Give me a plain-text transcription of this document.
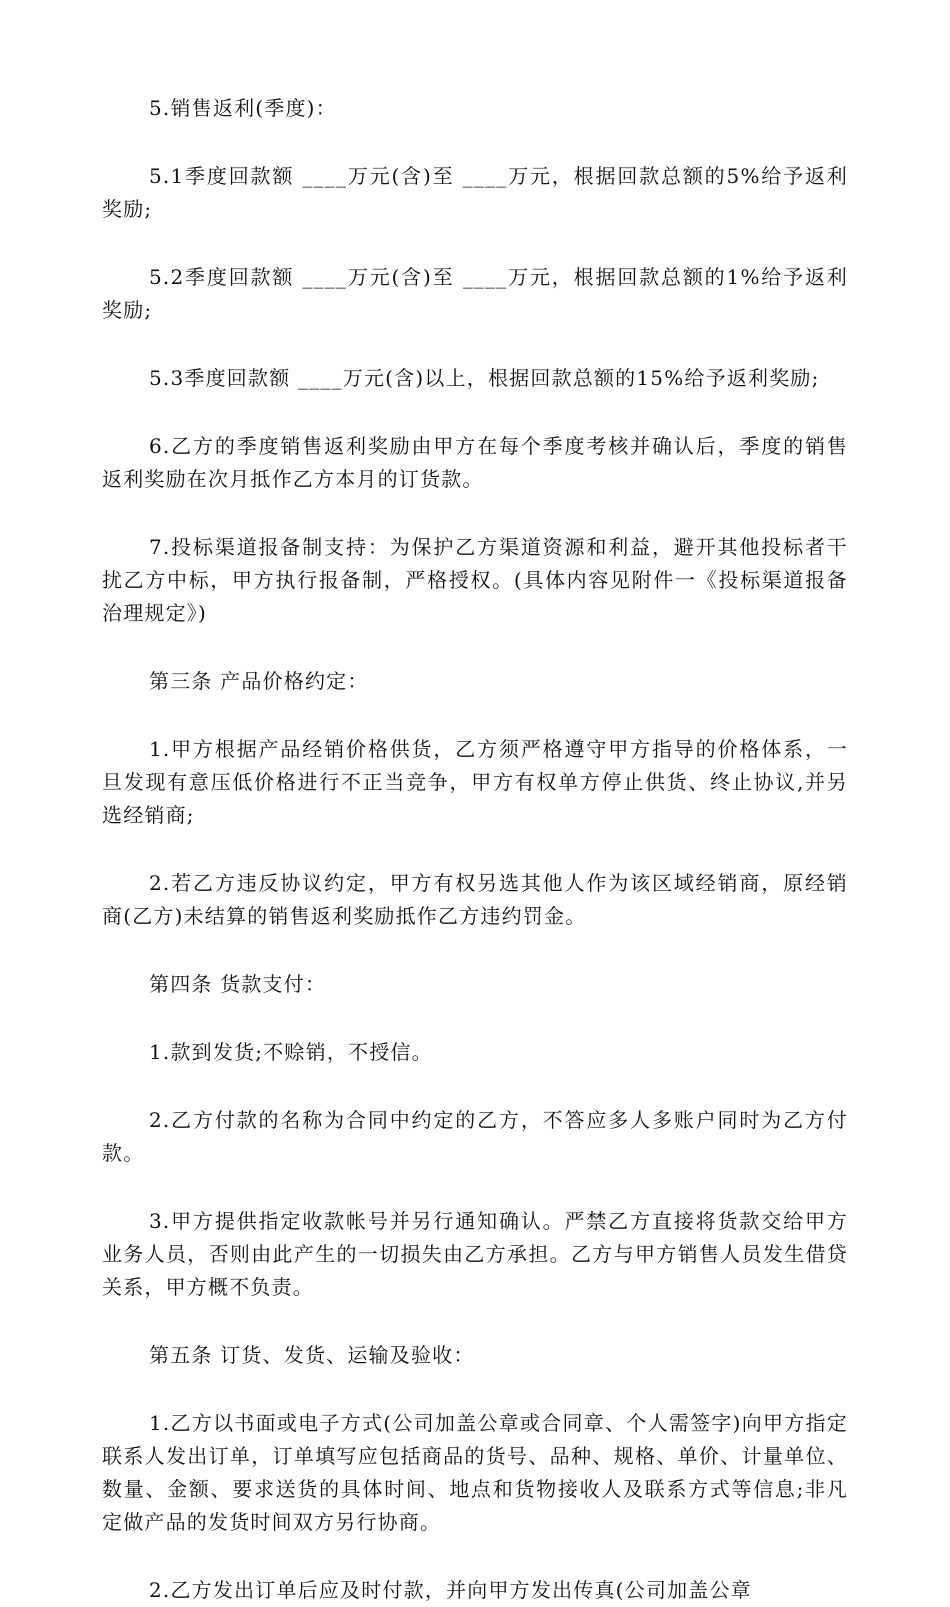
5.销售返利(季度)：

5.1季度回款额 ____万元(含)至 ____万元，根据回款总额的5%给予返利奖励;

5.2季度回款额 ____万元(含)至 ____万元，根据回款总额的1%给予返利奖励;

5.3季度回款额 ____万元(含)以上，根据回款总额的15%给予返利奖励;

6.乙方的季度销售返利奖励由甲方在每个季度考核并确认后，季度的销售返利奖励在次月抵作乙方本月的订货款。

7.投标渠道报备制支持：为保护乙方渠道资源和利益，避开其他投标者干扰乙方中标，甲方执行报备制，严格授权。(具体内容见附件一《投标渠道报备治理规定》)

第三条 产品价格约定：

1.甲方根据产品经销价格供货，乙方须严格遵守甲方指导的价格体系，一旦发现有意压低价格进行不正当竞争，甲方有权单方停止供货、终止协议,并另选经销商;

2.若乙方违反协议约定，甲方有权另选其他人作为该区域经销商，原经销商(乙方)未结算的销售返利奖励抵作乙方违约罚金。

第四条 货款支付：

1.款到发货;不赊销，不授信。

2.乙方付款的名称为合同中约定的乙方，不答应多人多账户同时为乙方付款。

3.甲方提供指定收款帐号并另行通知确认。严禁乙方直接将货款交给甲方业务人员，否则由此产生的一切损失由乙方承担。乙方与甲方销售人员发生借贷关系，甲方概不负责。

第五条 订货、发货、运输及验收：

1.乙方以书面或电子方式(公司加盖公章或合同章、个人需签字)向甲方指定联系人发出订单，订单填写应包括商品的货号、品种、规格、单价、计量单位、数量、金额、要求送货的具体时间、地点和货物接收人及联系方式等信息;非凡定做产品的发货时间双方另行协商。

2.乙方发出订单后应及时付款，并向甲方发出传真(公司加盖公章
